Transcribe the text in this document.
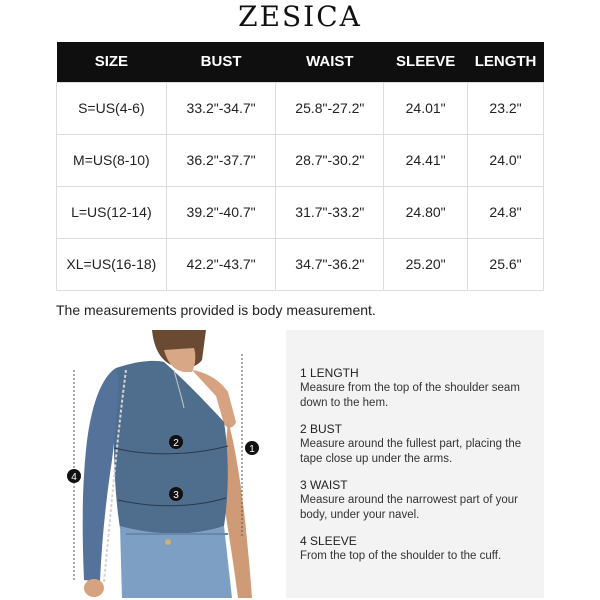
ZESICA
SIZE	BUST	WAIST	SLEEVE	LENGTH
S=US(4-6)	33.2"-34.7"	25.8"-27.2"	24.01"	23.2"
M=US(8-10)	36.2"-37.7"	28.7"-30.2"	24.41"	24.0"
L=US(12-14)	39.2"-40.7"	31.7"-33.2"	24.80"	24.8"
XL=US(16-18)	42.2"-43.7"	34.7"-36.2"	25.20"	25.6"
The measurements provided is body measurement.
2
3
1
4
1 LENGTH
Measure from the top of the shoulder seam down to the hem.
2 BUST
Measure around the fullest part, placing the tape close up under the arms.
3 WAIST
Measure around the narrowest part of your body, under your navel.
4 SLEEVE
From the top of the shoulder to the cuff.
